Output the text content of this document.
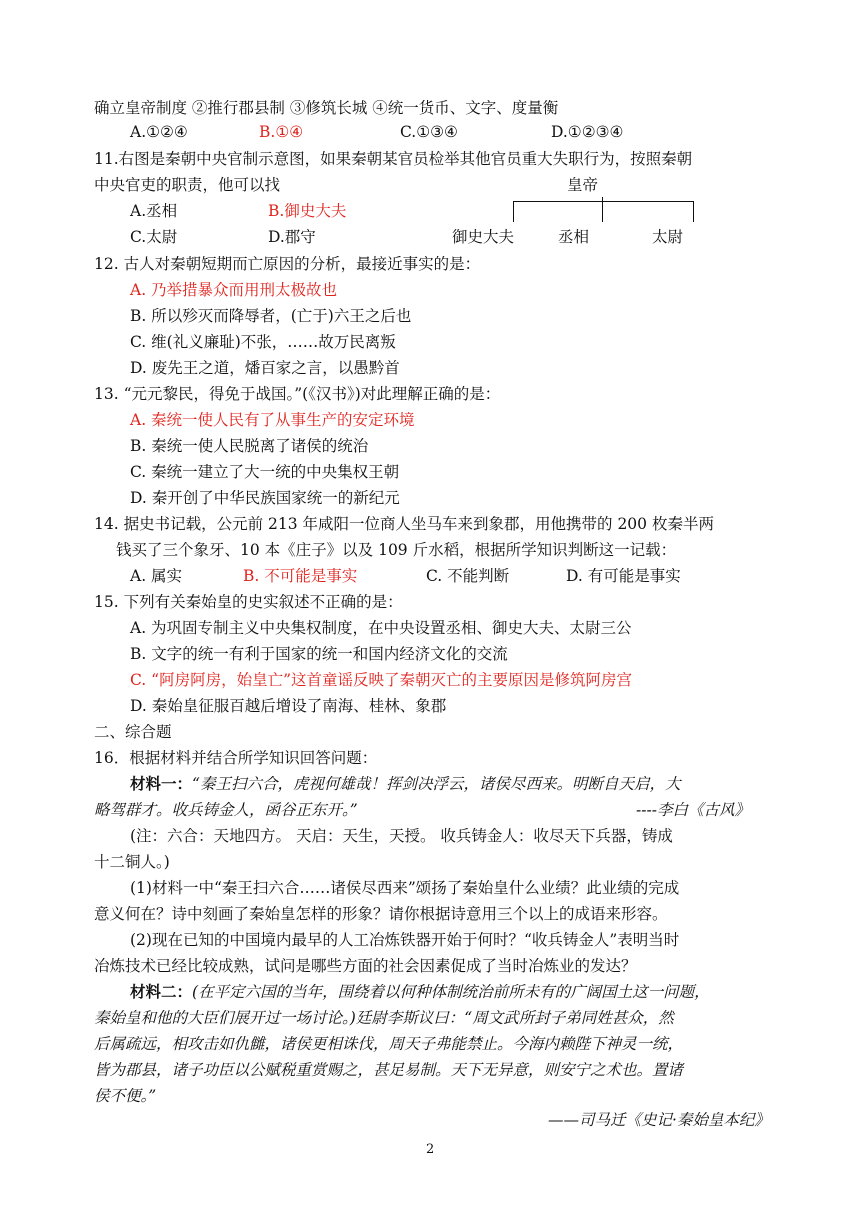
确立皇帝制度 ②推行郡县制 ③修筑长城 ④统一货币、文字、度量衡
A.①②④	B.①④	C.①③④	D.①②③④
11.右图是秦朝中央官制示意图，如果秦朝某官员检举其他官员重大失职行为，按照秦朝
中央官吏的职责，他可以找
A.丞相	B.御史大夫
C.太尉	D.郡守
皇帝
御史大夫	丞相	太尉
12. 古人对秦朝短期而亡原因的分析，最接近事实的是：
A. 乃举措暴众而用刑太极故也
B. 所以殄灭而降辱者，(亡于)六王之后也
C. 维(礼义廉耻)不张，……故万民离叛
D. 废先王之道，燔百家之言，以愚黔首
13. “元元黎民，得免于战国。”(《汉书》)对此理解正确的是：
A. 秦统一使人民有了从事生产的安定环境
B. 秦统一使人民脱离了诸侯的统治
C. 秦统一建立了大一统的中央集权王朝
D. 秦开创了中华民族国家统一的新纪元
14. 据史书记载，公元前 213 年咸阳一位商人坐马车来到象郡，用他携带的 200 枚秦半两
钱买了三个象牙、10 本《庄子》以及 109 斤水稻，根据所学知识判断这一记载：
A. 属实	B. 不可能是事实	C. 不能判断	D. 有可能是事实
15. 下列有关秦始皇的史实叙述不正确的是：
A. 为巩固专制主义中央集权制度，在中央设置丞相、御史大夫、太尉三公
B. 文字的统一有利于国家的统一和国内经济文化的交流
C. “阿房阿房，始皇亡”这首童谣反映了秦朝灭亡的主要原因是修筑阿房宫
D. 秦始皇征服百越后增设了南海、桂林、象郡
二、综合题
16．根据材料并结合所学知识回答问题：
材料一：“秦王扫六合，虎视何雄哉！挥剑决浮云，诸侯尽西来。明断自天启，大
略驾群才。收兵铸金人，函谷正东开。”	----李白《古风》
(注：六合：天地四方。 天启：天生，天授。 收兵铸金人：收尽天下兵器，铸成
十二铜人。)
(1)材料一中“秦王扫六合……诸侯尽西来”颂扬了秦始皇什么业绩？此业绩的完成
意义何在？诗中刻画了秦始皇怎样的形象？请你根据诗意用三个以上的成语来形容。
(2)现在已知的中国境内最早的人工冶炼铁器开始于何时？“收兵铸金人”表明当时
冶炼技术已经比较成熟，试问是哪些方面的社会因素促成了当时冶炼业的发达？
材料二：(在平定六国的当年，围绕着以何种体制统治前所未有的广阔国土这一问题，
秦始皇和他的大臣们展开过一场讨论。)廷尉李斯议曰：“周文武所封子弟同姓甚众，然
后属疏远，相攻击如仇雠，诸侯更相诛伐，周天子弗能禁止。今海内赖陛下神灵一统，
皆为郡县，诸子功臣以公赋税重赏赐之，甚足易制。天下无异意，则安宁之术也。置诸
侯不便。”
——司马迁《史记·秦始皇本纪》
2
